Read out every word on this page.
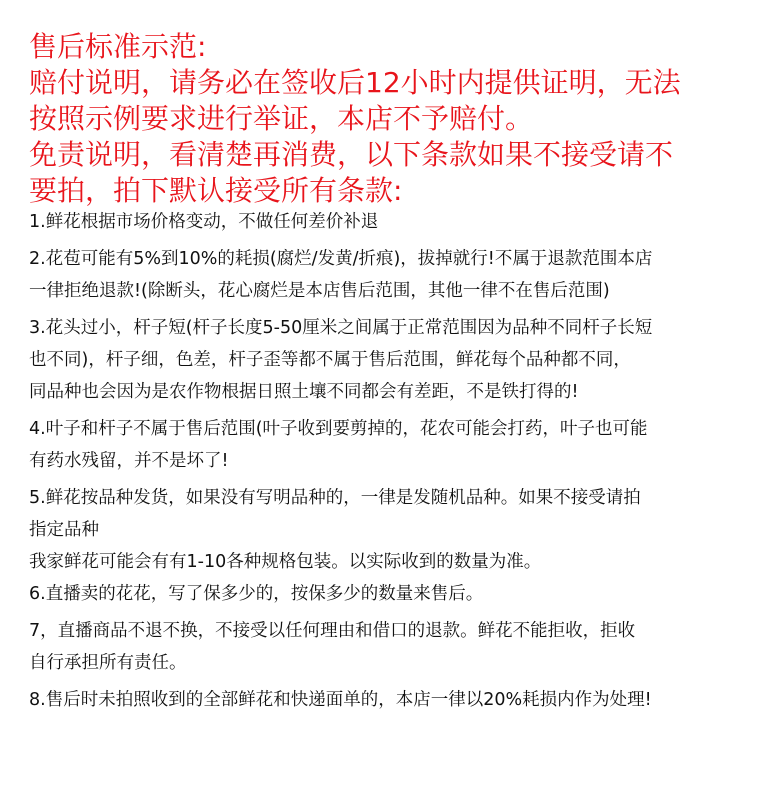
售后标准示范:
赔付说明，请务必在签收后12小时内提供证明，无法
按照示例要求进行举证，本店不予赔付。
免责说明，看清楚再消费，以下条款如果不接受请不
要拍，拍下默认接受所有条款:
1.鲜花根据市场价格变动，不做任何差价补退
2.花苞可能有5%到10%的耗损(腐烂/发黄/折痕)，拔掉就行!不属于退款范围本店
一律拒绝退款!(除断头，花心腐烂是本店售后范围，其他一律不在售后范围)
3.花头过小，杆子短(杆子长度5-50厘米之间属于正常范围因为品种不同杆子长短
也不同)，杆子细，色差，杆子歪等都不属于售后范围，鲜花每个品种都不同，
同品种也会因为是农作物根据日照土壤不同都会有差距，不是铁打得的!
4.叶子和杆子不属于售后范围(叶子收到要剪掉的，花农可能会打药，叶子也可能
有药水残留，并不是坏了!
5.鲜花按品种发货，如果没有写明品种的，一律是发随机品种。如果不接受请拍
指定品种
我家鲜花可能会有有1-10各种规格包装。以实际收到的数量为准。
6.直播卖的花花，写了保多少的，按保多少的数量来售后。
7，直播商品不退不换，不接受以任何理由和借口的退款。鲜花不能拒收，拒收
自行承担所有责任。
8.售后时未拍照收到的全部鲜花和快递面单的，本店一律以20%耗损内作为处理!
